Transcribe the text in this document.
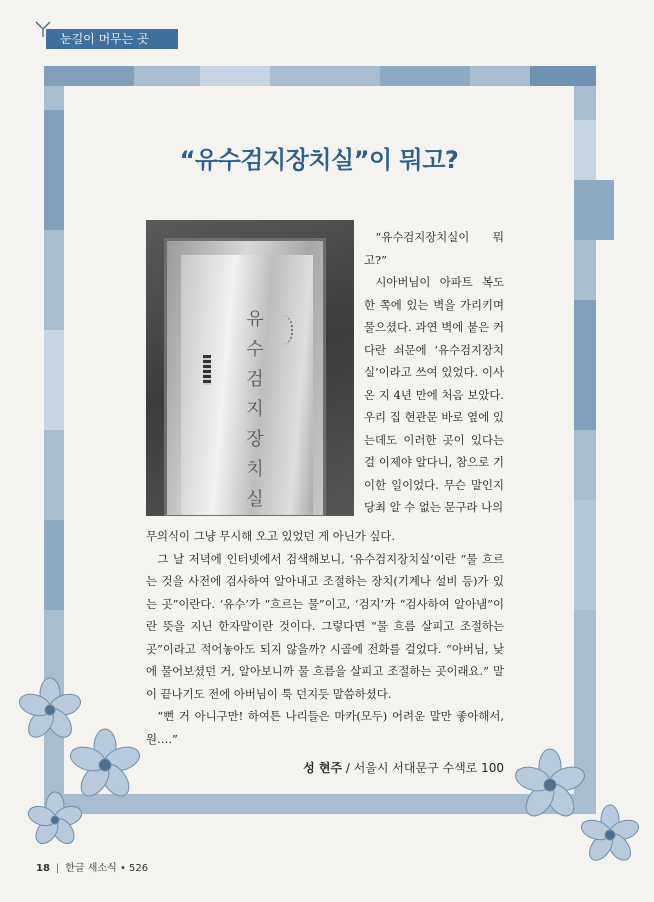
눈길이 머무는 곳
“유수검지장치실”이 뭐고?
유수검지장치실

“유수검지장치실이 뭐고?”

시아버님이 아파트 복도 한 쪽에 있는 벽을 가리키며 물으셨다. 과연 벽에 붙은 커다란 쇠문에 ‘유수검지장치실’이라고 쓰여 있었다. 이사 온 지 4년 만에 처음 보았다. 우리 집 현관문 바로 옆에 있는데도 이러한 곳이 있다는 걸 이제야 알다니, 참으로 기이한 일이었다. 무슨 말인지 당최 알 수 없는 문구라 나의

무의식이 그냥 무시해 오고 있었던 게 아닌가 싶다.

그 날 저녁에 인터넷에서 검색해보니, ‘유수검지장치실’이란 “물 흐르는 것을 사전에 검사하여 알아내고 조절하는 장치(기계나 설비 등)가 있는 곳”이란다. ‘유수’가 “흐르는 물”이고, ‘검지’가 “검사하여 알아냄”이란 뜻을 지닌 한자말이란 것이다. 그렇다면 “물 흐름 살피고 조절하는 곳”이라고 적어놓아도 되지 않을까? 시골에 전화를 걸었다. “아버님, 낮에 물어보셨던 거, 알아보니까 물 흐름을 살피고 조절하는 곳이래요.” 말이 끝나기도 전에 아버님이 툭 던지듯 말씀하셨다.

“뻔 거 아니구만! 하여튼 나리들은 마카(모두) 어려운 말만 좋아해서, 원….”

성 현주 / 서울시 서대문구 수색로 100
18 | 한글 새소식 • 526
